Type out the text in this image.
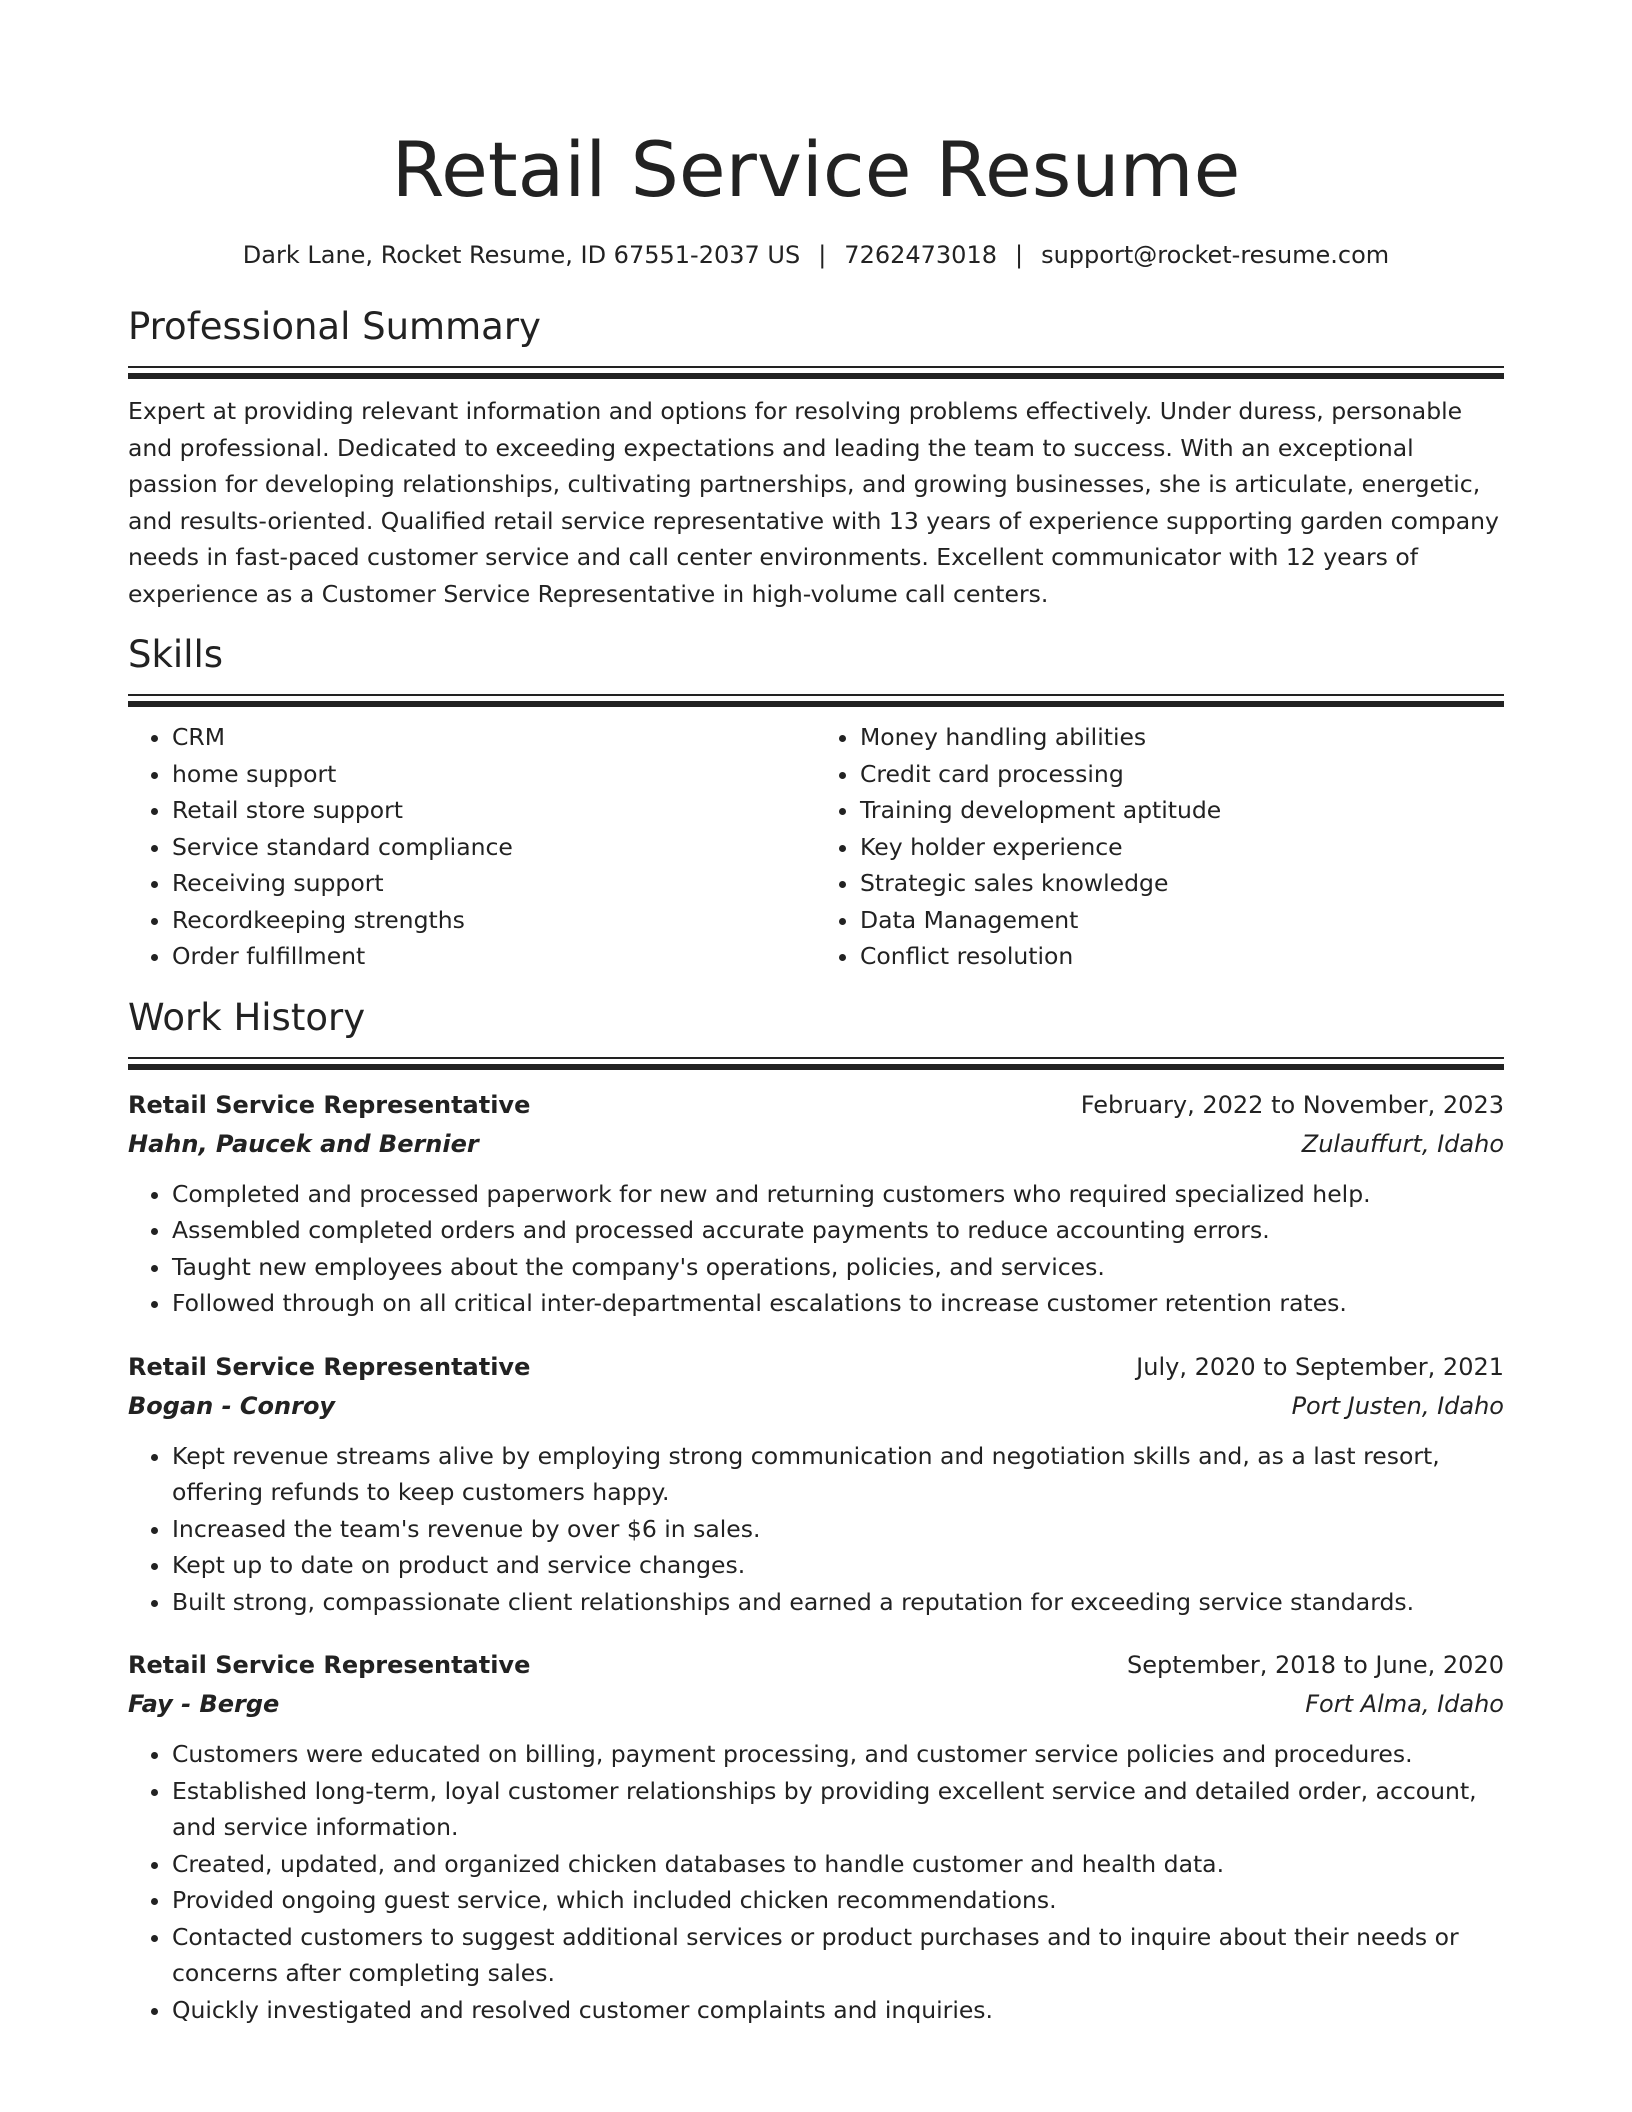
Retail Service Resume
Dark Lane, Rocket Resume, ID 67551-2037 US | 7262473018 | support@rocket-resume.com
Professional Summary
Expert at providing relevant information and options for resolving problems effectively. Under duress, personable and professional. Dedicated to exceeding expectations and leading the team to success. With an exceptional passion for developing relationships, cultivating partnerships, and growing businesses, she is articulate, energetic, and results-oriented. Qualified retail service representative with 13 years of experience supporting garden company needs in fast-paced customer service and call center environments. Excellent communicator with 12 years of experience as a Customer Service Representative in high-volume call centers.
Skills
• CRM
• home support
• Retail store support
• Service standard compliance
• Receiving support
• Recordkeeping strengths
• Order fulfillment
• Money handling abilities
• Credit card processing
• Training development aptitude
• Key holder experience
• Strategic sales knowledge
• Data Management
• Conflict resolution
Work History
Retail Service Representative	February, 2022 to November, 2023
Hahn, Paucek and Bernier	Zulauffurt, Idaho
• Completed and processed paperwork for new and returning customers who required specialized help.
• Assembled completed orders and processed accurate payments to reduce accounting errors.
• Taught new employees about the company's operations, policies, and services.
• Followed through on all critical inter-departmental escalations to increase customer retention rates.
Retail Service Representative	July, 2020 to September, 2021
Bogan - Conroy	Port Justen, Idaho
• Kept revenue streams alive by employing strong communication and negotiation skills and, as a last resort, offering refunds to keep customers happy.
• Increased the team's revenue by over $6 in sales.
• Kept up to date on product and service changes.
• Built strong, compassionate client relationships and earned a reputation for exceeding service standards.
Retail Service Representative	September, 2018 to June, 2020
Fay - Berge	Fort Alma, Idaho
• Customers were educated on billing, payment processing, and customer service policies and procedures.
• Established long-term, loyal customer relationships by providing excellent service and detailed order, account, and service information.
• Created, updated, and organized chicken databases to handle customer and health data.
• Provided ongoing guest service, which included chicken recommendations.
• Contacted customers to suggest additional services or product purchases and to inquire about their needs or concerns after completing sales.
• Quickly investigated and resolved customer complaints and inquiries.
